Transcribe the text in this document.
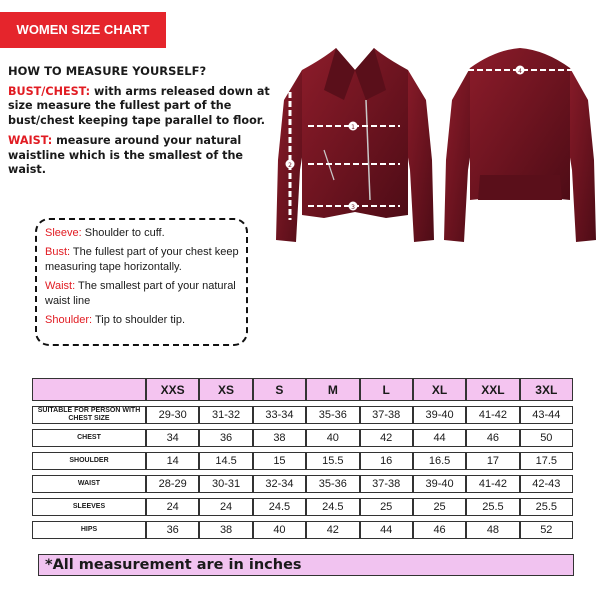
WOMEN SIZE CHART
HOW TO MEASURE YOURSELF?

BUST/CHEST: with arms released down at size measure the fullest part of the bust/chest keeping tape parallel to floor.

WAIST: measure around your natural waistline which is the smallest of the waist.

Sleeve: Shoulder to cuff.
Bust: The fullest part of your chest keep measuring tape horizontally.
Waist: The smallest part of your natural waist line
Shoulder: Tip to shoulder tip.
1
2
3
4
	XXS	XS	S	M	L	XL	XXL	3XL
SUITABLE FOR PERSON WITH CHEST SIZE	29-30	31-32	33-34	35-36	37-38	39-40	41-42	43-44
CHEST	34	36	38	40	42	44	46	50
SHOULDER	14	14.5	15	15.5	16	16.5	17	17.5
WAIST	28-29	30-31	32-34	35-36	37-38	39-40	41-42	42-43
SLEEVES	24	24	24.5	24.5	25	25	25.5	25.5
HIPS	36	38	40	42	44	46	48	52
*All measurement are in inches
